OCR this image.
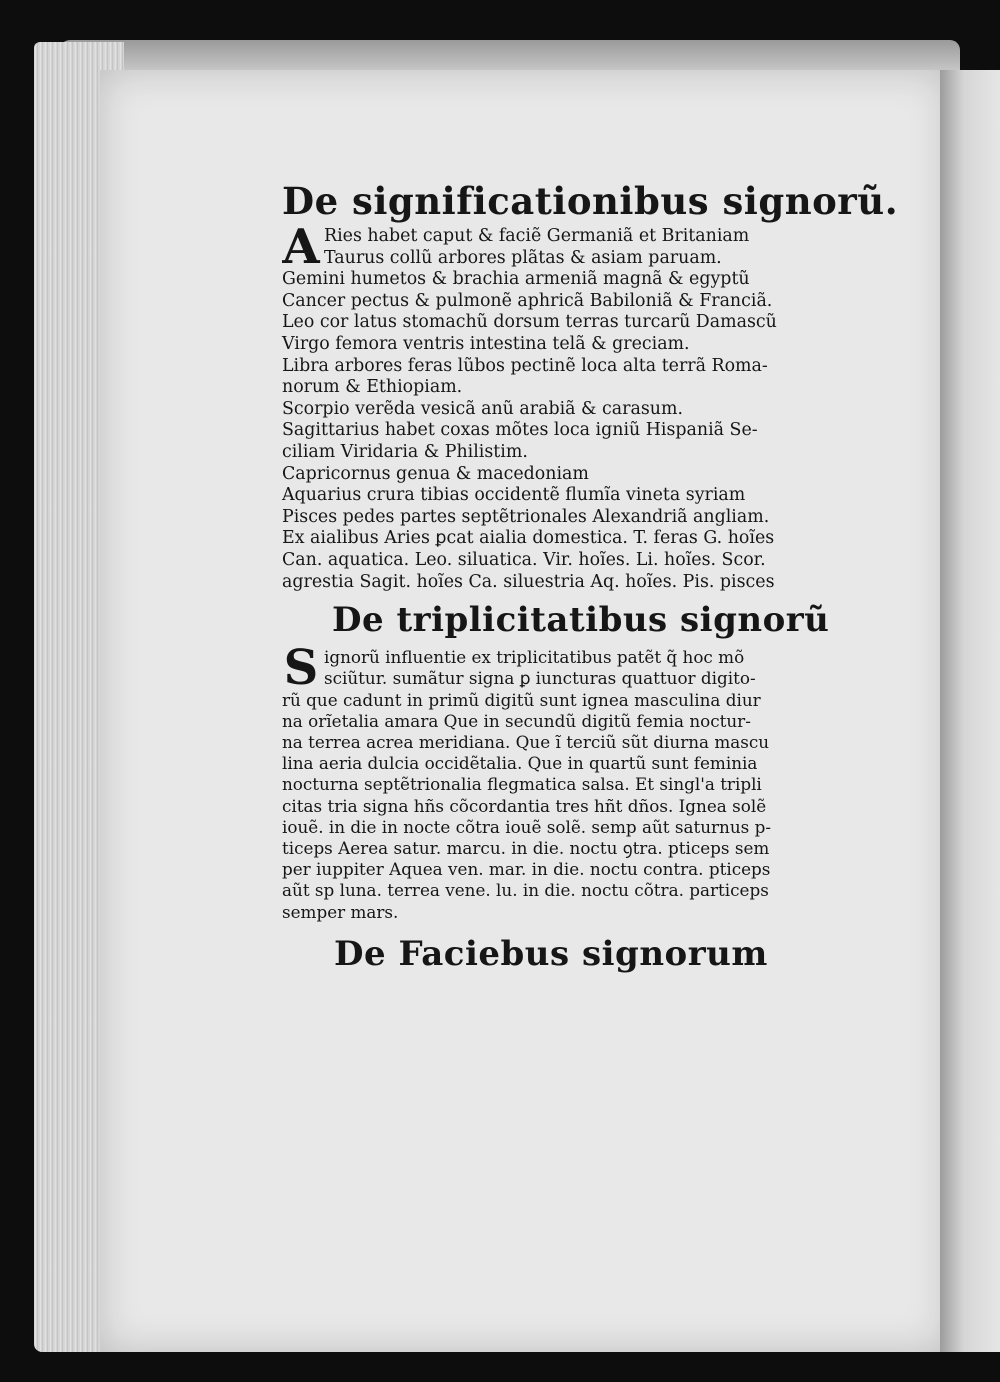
De significationibus signorũ.
A Ries habet caput & faciẽ Germaniã et Britaniam

Taurus collũ arbores plãtas & asiam paruam.

Gemini humetos & brachia armeniã magnã & egyptũ

Cancer pectus & pulmonẽ aphricã Babiloniã & Franciã.

Leo cor latus stomachũ dorsum terras turcarũ Damascũ

Virgo femora ventris intestina telã & greciam.

Libra arbores feras lũbos pectinẽ loca alta terrã Roma-

norum & Ethiopiam.

Scorpio verẽda vesicã anũ arabiã & carasum.

Sagittarius habet coxas mõtes loca igniũ Hispaniã Se-

ciliam Viridaria & Philistim.

Capricornus genua & macedoniam

Aquarius crura tibias occidentẽ flumĩa vineta syriam

Pisces pedes partes septẽtrionales Alexandriã angliam.

Ex aialibus Aries ꝑcat aialia domestica. T. feras G. hoĩes

Can. aquatica. Leo. siluatica. Vir. hoĩes. Li. hoĩes. Scor.

agrestia Sagit. hoĩes Ca. siluestria Aq. hoĩes. Pis. pisces

De triplicitatibus signorũ
S ignorũ influentie ex triplicitatibus patẽt q̃ hoc mõ

sciũtur. sumãtur signa ꝑ iuncturas quattuor digito-

rũ que cadunt in primũ digitũ sunt ignea masculina diur

na orĩetalia amara Que in secundũ digitũ femia noctur-

na terrea acrea meridiana. Que ĩ terciũ sũt diurna mascu

lina aeria dulcia occidẽtalia. Que in quartũ sunt feminia

nocturna septẽtrionalia flegmatica salsa. Et singl'a tripli

citas tria signa hñs cõcordantia tres hñt dños. Ignea solẽ

iouẽ. in die in nocte cõtra iouẽ solẽ. semp aũt saturnus p-

ticeps Aerea satur. marcu. in die. noctu ꝯtra. pticeps sem

per iuppiter Aquea ven. mar. in die. noctu contra. pticeps

aũt sp luna. terrea vene. lu. in die. noctu cõtra. particeps

semper mars.

De Faciebus signorum
